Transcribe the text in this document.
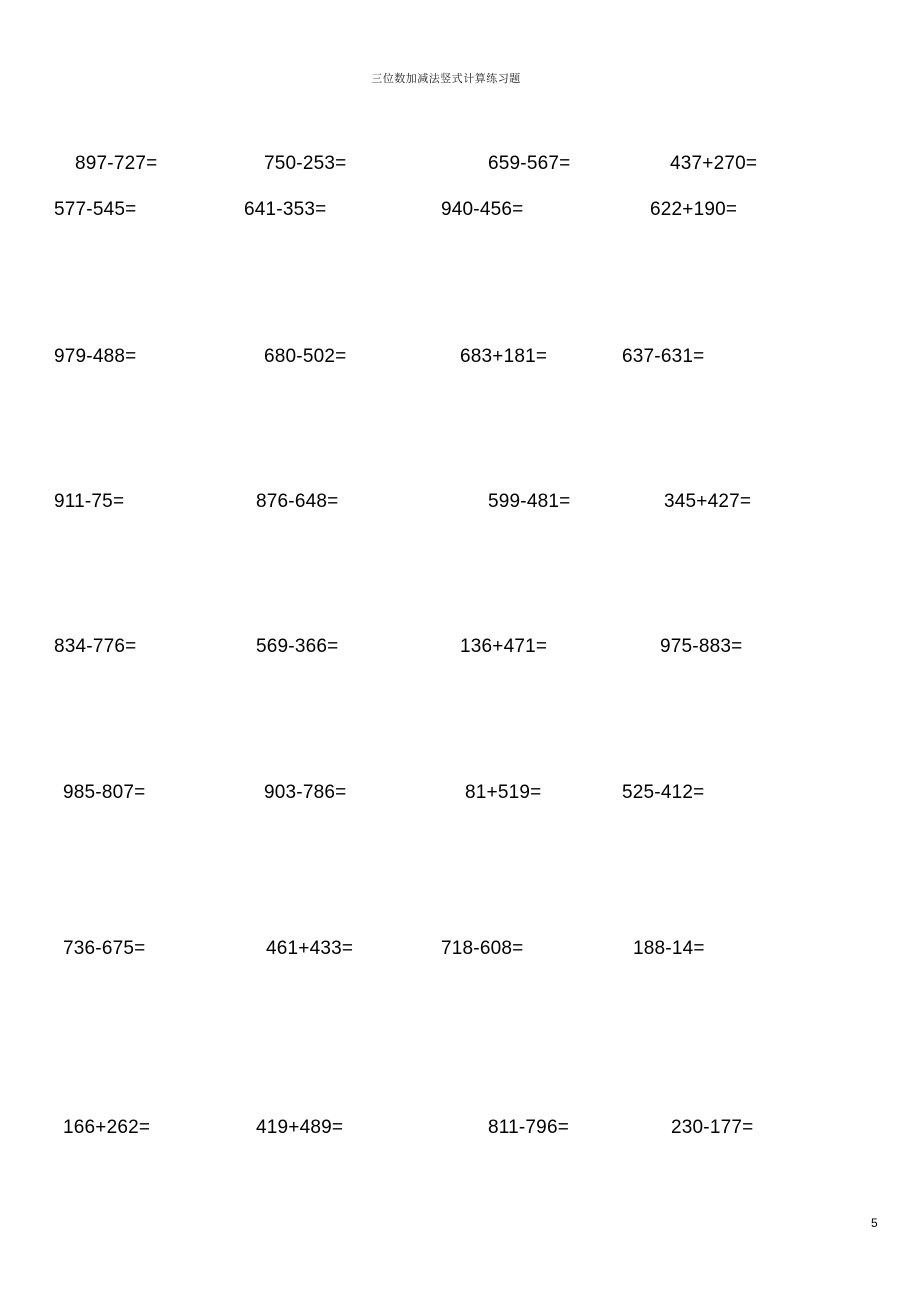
三位数加减法竖式计算练习题
897-727=	750-253=	659-567=	437+270=
577-545=	641-353=	940-456=	622+190=
979-488=	680-502=	683+181=	637-631=
911-75=	876-648=	599-481=	345+427=
834-776=	569-366=	136+471=	975-883=
985-807=	903-786=	81+519=	525-412=
736-675=	461+433=	718-608=	188-14=
166+262=	419+489=	811-796=	230-177=
5
